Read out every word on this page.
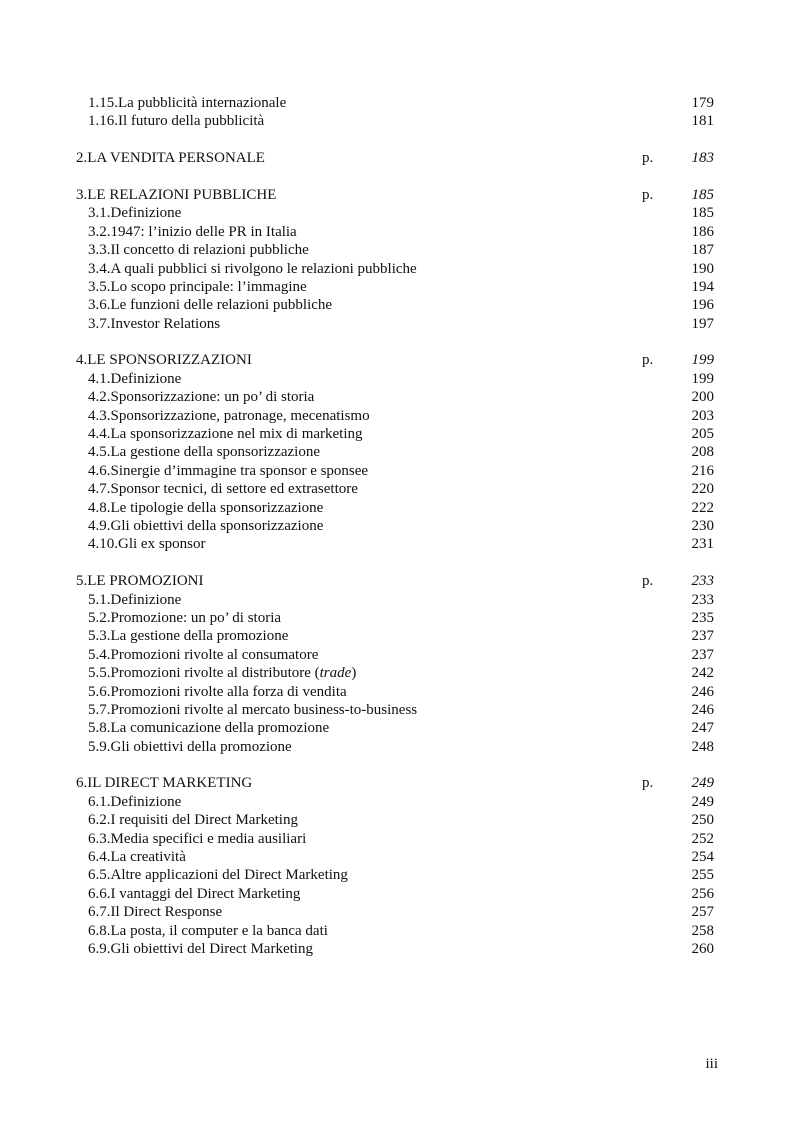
1.15.La pubblicità internazionale	179
1.16.Il futuro della pubblicità	181
2.LA VENDITA PERSONALE	p.	183
3.LE RELAZIONI PUBBLICHE	p.	185
3.1.Definizione	185
3.2.1947: l’inizio delle PR in Italia	186
3.3.Il concetto di relazioni pubbliche	187
3.4.A quali pubblici si rivolgono le relazioni pubbliche	190
3.5.Lo scopo principale: l’immagine	194
3.6.Le funzioni delle relazioni pubbliche	196
3.7.Investor Relations	197
4.LE SPONSORIZZAZIONI	p.	199
4.1.Definizione	199
4.2.Sponsorizzazione: un po’ di storia	200
4.3.Sponsorizzazione, patronage, mecenatismo	203
4.4.La sponsorizzazione nel mix di marketing	205
4.5.La gestione della sponsorizzazione	208
4.6.Sinergie d’immagine tra sponsor e sponsee	216
4.7.Sponsor tecnici, di settore ed extrasettore	220
4.8.Le tipologie della sponsorizzazione	222
4.9.Gli obiettivi della sponsorizzazione	230
4.10.Gli ex sponsor	231
5.LE PROMOZIONI	p.	233
5.1.Definizione	233
5.2.Promozione: un po’ di storia	235
5.3.La gestione della promozione	237
5.4.Promozioni rivolte al consumatore	237
5.5.Promozioni rivolte al distributore (trade)	242
5.6.Promozioni rivolte alla forza di vendita	246
5.7.Promozioni rivolte al mercato business-to-business	246
5.8.La comunicazione della promozione	247
5.9.Gli obiettivi della promozione	248
6.IL DIRECT MARKETING	p.	249
6.1.Definizione	249
6.2.I requisiti del Direct Marketing	250
6.3.Media specifici e media ausiliari	252
6.4.La creatività	254
6.5.Altre applicazioni del Direct Marketing	255
6.6.I vantaggi del Direct Marketing	256
6.7.Il Direct Response	257
6.8.La posta, il computer e la banca dati	258
6.9.Gli obiettivi del Direct Marketing	260
iii
